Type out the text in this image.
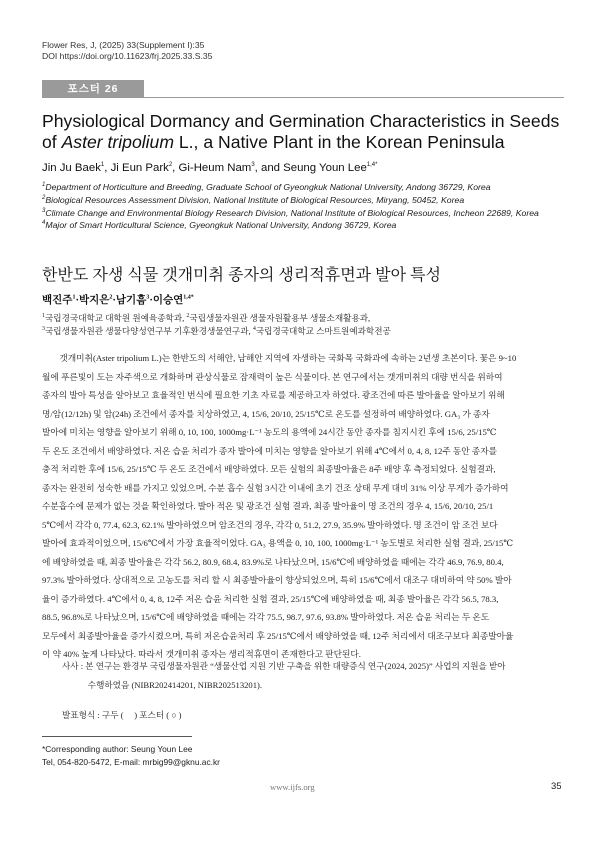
Flower Res, J, (2025) 33(Supplement I):35
DOI https://doi.org/10.11623/frj.2025.33.S.35
포스터 26
Physiological Dormancy and Germination Characteristics in Seeds of Aster tripolium L., a Native Plant in the Korean Peninsula
Jin Ju Baek$^1$, Ji Eun Park$^2$, Gi-Heum Nam$^3$, and Seung Youn Lee$^{1,4*}$
$^1$Department of Horticulture and Breeding, Graduate School of Gyeongkuk National University, Andong 36729, Korea
$^2$Biological Resources Assessment Division, National Institute of Biological Resources, Miryang, 50452, Korea
$^3$Climate Change and Environmental Biology Research Division, National Institute of Biological Resources, Incheon 22689, Korea
$^4$Major of Smart Horticultural Science, Gyeongkuk National University, Andong 36729, Korea
한반도 자생 식물 갯개미취 종자의 생리적휴면과 발아 특성
백진주$^1$·박지은$^2$·남기흠$^3$·이승연$^{1,4*}$
$^1$국립경국대학교 대학원 원예육종학과, $^2$국립생물자원관 생물자원활용부 생물소재활용과,
$^3$국립생물자원관 생물다양성연구부 기후환경생물연구과, $^4$국립경국대학교 스마트원예과학전공
　　갯개미취(Aster tripolium L.)는 한반도의 서해안, 남해안 지역에 자생하는 국화목 국화과에 속하는 2년생 초본이다. 꽃은 9~10
월에 푸른빛이 도는 자주색으로 개화하며 관상식물로 잠재력이 높은 식물이다. 본 연구에서는 갯개미취의 대량 번식을 위하여
종자의 발아 특성을 알아보고 효율적인 번식에 필요한 기초 자료를 제공하고자 하였다. 광조건에 따른 발아율을 알아보기 위해
명/암(12/12h) 및 암(24h) 조건에서 종자를 치상하였고, 4, 15/6, 20/10, 25/15℃로 온도를 설정하여 배양하였다. GA₃ 가 종자
발아에 미치는 영향을 알아보기 위해 0, 10, 100, 1000mg·L⁻¹ 농도의 용액에 24시간 동안 종자를 침지시킨 후에 15/6, 25/15℃
두 온도 조건에서 배양하였다. 저온 습윤 처리가 종자 발아에 미치는 영향을 알아보기 위해 4℃에서 0, 4, 8, 12주 동안 종자를
충적 처리한 후에 15/6, 25/15℃ 두 온도 조건에서 배양하였다. 모든 실험의 최종발아율은 8주 배양 후 측정되었다. 실험결과,
종자는 완전히 성숙한 배를 가지고 있었으며, 수분 흡수 실험 3시간 이내에 초기 건조 상태 무게 대비 31% 이상 무게가 증가하여
수분흡수에 문제가 없는 것을 확인하였다. 발아 적온 및 광조건 실험 결과, 최종 발아율이 명 조건의 경우 4, 15/6, 20/10, 25/1
5℃에서 각각 0, 77.4, 62.3, 62.1% 발아하였으며 암조건의 경우, 각각 0, 51.2, 27.9, 35.9% 발아하였다. 명 조건이 암 조건 보다
발아에 효과적이었으며, 15/6℃에서 가장 효율적이었다. GA₃ 용액을 0, 10, 100, 1000mg·L⁻¹ 농도별로 처리한 실험 결과, 25/15℃
에 배양하였을 때, 최종 발아율은 각각 56.2, 80.9, 68.4, 83.9%로 나타났으며, 15/6℃에 배양하였을 때에는 각각 46.9, 76.9, 80.4,
97.3% 발아하였다. 상대적으로 고농도를 처리 할 시 최종발아율이 향상되었으며, 특히 15/6℃에서 대조구 대비하여 약 50% 발아
율이 증가하였다. 4℃에서 0, 4, 8, 12주 저온 습윤 처리한 실험 결과, 25/15℃에 배양하였을 때, 최종 발아율은 각각 56.5, 78.3,
88.5, 96.8%로 나타났으며, 15/6℃에 배양하였을 때에는 각각 75.5, 98.7, 97.6, 93.8% 발아하였다. 저온 습윤 처리는 두 온도
모두에서 최종발아율을 증가시켰으며, 특히 저온습윤처리 후 25/15℃에서 배양하였을 때, 12주 처리에서 대조구보다 최종발아율
이 약 40% 높게 나타났다. 따라서 갯개미취 종자는 생리적휴면이 존재한다고 판단된다.
사사 : 본 연구는 환경부 국립생물자원관 “생물산업 지원 기반 구축을 위한 대량증식 연구(2024, 2025)” 사업의 지원을 받아
　　　수행하였음 (NIBR202414201, NIBR202513201).
발표형식 : 구두 (　 ) 포스터 ( ○ )
*Corresponding author: Seung Youn Lee
Tel, 054-820-5472, E-mail: mrbig99@gknu.ac.kr
www.ijfs.org	35
